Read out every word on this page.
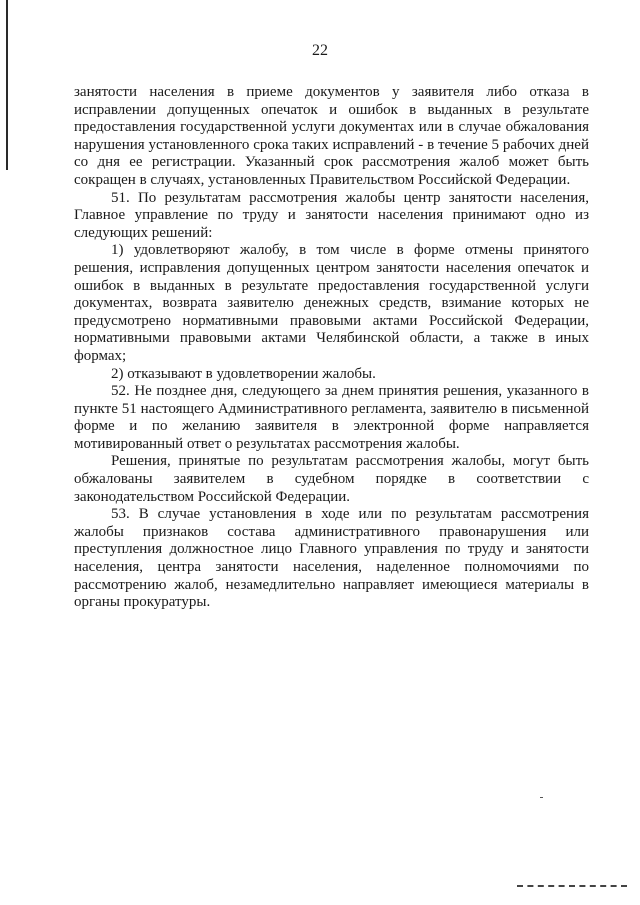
22

занятости населения в приеме документов у заявителя либо отказа в исправлении допущенных опечаток и ошибок в выданных в результате предоставления государственной услуги документах или в случае обжалования нарушения установленного срока таких исправлений - в течение 5 рабочих дней со дня ее регистрации. Указанный срок рассмотрения жалоб может быть сокращен в случаях, установленных Правительством Российской Федерации.

51. По результатам рассмотрения жалобы центр занятости населения, Главное управление по труду и занятости населения принимают одно из следующих решений:

1) удовлетворяют жалобу, в том числе в форме отмены принятого решения, исправления допущенных центром занятости населения опечаток и ошибок в выданных в результате предоставления государственной услуги документах, возврата заявителю денежных средств, взимание которых не предусмотрено нормативными правовыми актами Российской Федерации, нормативными правовыми актами Челябинской области, а также в иных формах;

2) отказывают в удовлетворении жалобы.

52. Не позднее дня, следующего за днем принятия решения, указанного в пункте 51 настоящего Административного регламента, заявителю в письменной форме и по желанию заявителя в электронной форме направляется мотивированный ответ о результатах рассмотрения жалобы.

Решения, принятые по результатам рассмотрения жалобы, могут быть обжалованы заявителем в судебном порядке в соответствии с законодательством Российской Федерации.

53. В случае установления в ходе или по результатам рассмотрения жалобы признаков состава административного правонарушения или преступления должностное лицо Главного управления по труду и занятости населения, центра занятости населения, наделенное полномочиями по рассмотрению жалоб, незамедлительно направляет имеющиеся материалы в органы прокуратуры.
